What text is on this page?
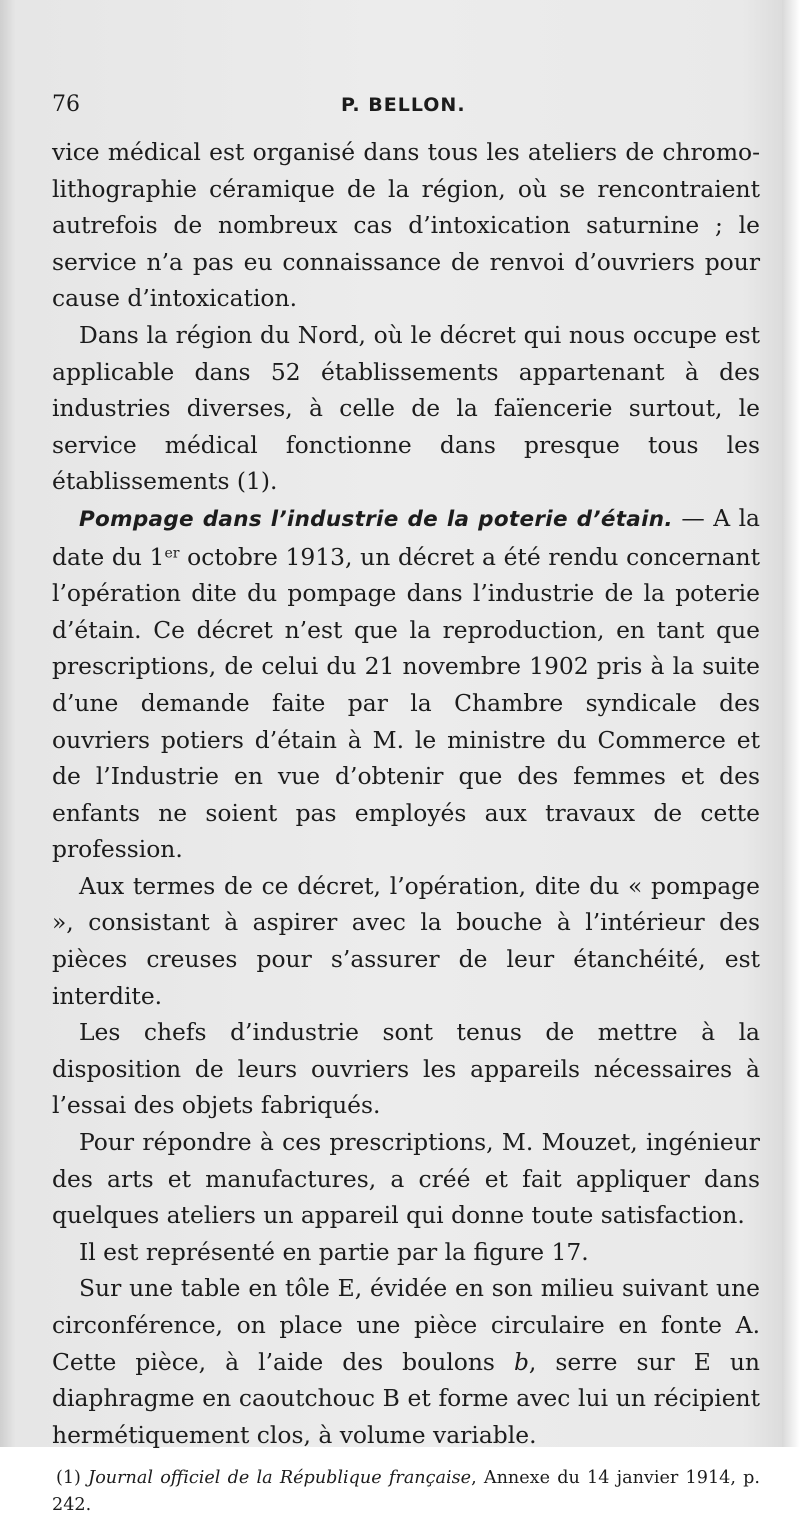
76	P. BELLON.

vice médical est organisé dans tous les ateliers de chromo-lithographie céramique de la région, où se rencontraient autrefois de nombreux cas d’intoxication saturnine ; le service n’a pas eu connaissance de renvoi d’ouvriers pour cause d’intoxication.

Dans la région du Nord, où le décret qui nous occupe est applicable dans 52 établissements appartenant à des industries diverses, à celle de la faïencerie surtout, le service médical fonctionne dans presque tous les établissements (1).

Pompage dans l’industrie de la poterie d’étain. — A la date du 1er octobre 1913, un décret a été rendu concernant l’opération dite du pompage dans l’industrie de la poterie d’étain. Ce décret n’est que la reproduction, en tant que prescriptions, de celui du 21 novembre 1902 pris à la suite d’une demande faite par la Chambre syndicale des ouvriers potiers d’étain à M. le ministre du Commerce et de l’Industrie en vue d’obtenir que des femmes et des enfants ne soient pas employés aux travaux de cette profession.

Aux termes de ce décret, l’opération, dite du « pompage », consistant à aspirer avec la bouche à l’intérieur des pièces creuses pour s’assurer de leur étanchéité, est interdite.

Les chefs d’industrie sont tenus de mettre à la disposition de leurs ouvriers les appareils nécessaires à l’essai des objets fabriqués.

Pour répondre à ces prescriptions, M. Mouzet, ingénieur des arts et manufactures, a créé et fait appliquer dans quelques ateliers un appareil qui donne toute satisfaction.

Il est représenté en partie par la figure 17.

Sur une table en tôle E, évidée en son milieu suivant une circonférence, on place une pièce circulaire en fonte A. Cette pièce, à l’aide des boulons b, serre sur E un diaphragme en caoutchouc B et forme avec lui un récipient hermétiquement clos, à volume variable.

(1) Journal officiel de la République française, Annexe du 14 janvier 1914, p. 242.
